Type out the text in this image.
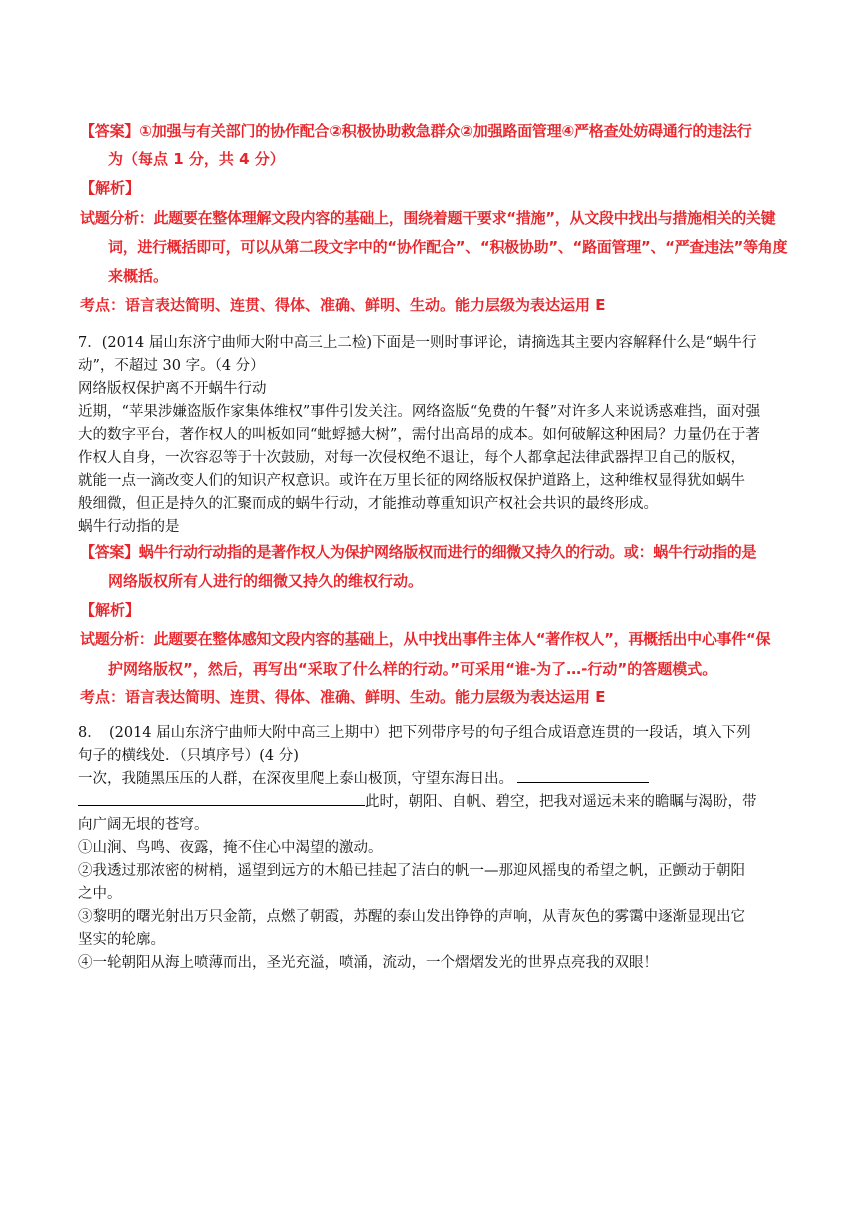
【答案】①加强与有关部门的协作配合②积极协助救急群众②加强路面管理④严格查处妨碍通行的违法行
为（每点 1 分，共 4 分）
【解析】
试题分析：此题要在整体理解文段内容的基础上，围绕着题干要求“措施”，从文段中找出与措施相关的关键
词，进行概括即可，可以从第二段文字中的“协作配合”、“积极协助”、“路面管理”、“严查违法”等角度
来概括。
考点：语言表达简明、连贯、得体、准确、鲜明、生动。能力层级为表达运用 E
7．(2014 届山东济宁曲师大附中高三上二检)下面是一则时事评论，请摘选其主要内容解释什么是“蜗牛行
动”，不超过 30 字。（4 分）
网络版权保护离不开蜗牛行动
近期，“苹果涉嫌盗版作家集体维权”事件引发关注。网络盗版“免费的午餐”对许多人来说诱惑难挡，面对强
大的数字平台，著作权人的叫板如同“蚍蜉撼大树”，需付出高昂的成本。如何破解这种困局？力量仍在于著
作权人自身，一次容忍等于十次鼓励，对每一次侵权绝不退让，每个人都拿起法律武器捍卫自己的版权，
就能一点一滴改变人们的知识产权意识。或许在万里长征的网络版权保护道路上，这种维权显得犹如蜗牛
般细微，但正是持久的汇聚而成的蜗牛行动，才能推动尊重知识产权社会共识的最终形成。
蜗牛行动指的是
【答案】蜗牛行动行动指的是著作权人为保护网络版权而进行的细微又持久的行动。或：蜗牛行动指的是
网络版权所有人进行的细微又持久的维权行动。
【解析】
试题分析：此题要在整体感知文段内容的基础上，从中找出事件主体人“著作权人”，再概括出中心事件“保
护网络版权”，然后，再写出“采取了什么样的行动。”可采用“谁-为了…-行动”的答题模式。
考点：语言表达简明、连贯、得体、准确、鲜明、生动。能力层级为表达运用 E
8．　(2014 届山东济宁曲师大附中高三上期中）把下列带序号的句子组合成语意连贯的一段话，填入下列
句子的横线处．（只填序号）(4 分)
一次，我随黑压压的人群，在深夜里爬上泰山极顶，守望东海日出。
此时，朝阳、自帆、碧空，把我对遥远未来的瞻瞩与渴盼，带
向广阔无垠的苍穹。
①山涧、鸟鸣、夜露，掩不住心中渴望的激动。
②我透过那浓密的树梢，遥望到远方的木船已挂起了洁白的帆一—那迎风摇曳的希望之帆，正颤动于朝阳
之中。
③黎明的曙光射出万只金箭，点燃了朝霞，苏醒的泰山发出铮铮的声响，从青灰色的雾霭中逐渐显现出它
坚实的轮廓。
④一轮朝阳从海上喷薄而出，圣光充溢，喷涌，流动，一个熠熠发光的世界点亮我的双眼！
